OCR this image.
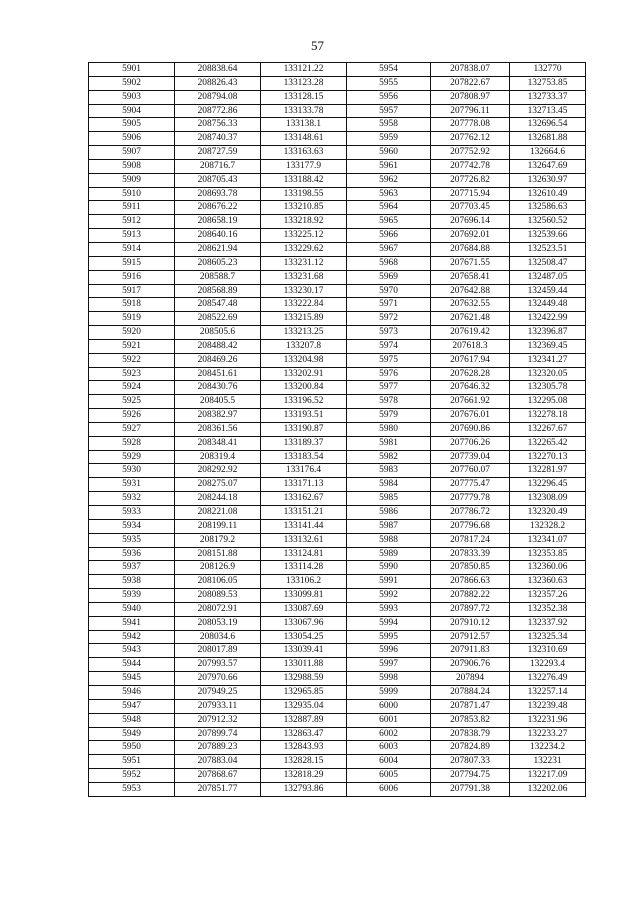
57
5901	208838.64	133121.22	5954	207838.07	132770
5902	208826.43	133123.28	5955	207822.67	132753.85
5903	208794.08	133128.15	5956	207808.97	132733.37
5904	208772.86	133133.78	5957	207796.11	132713.45
5905	208756.33	133138.1	5958	207778.08	132696.54
5906	208740.37	133148.61	5959	207762.12	132681.88
5907	208727.59	133163.63	5960	207752.92	132664.6
5908	208716.7	133177.9	5961	207742.78	132647.69
5909	208705.43	133188.42	5962	207726.82	132630.97
5910	208693.78	133198.55	5963	207715.94	132610.49
5911	208676.22	133210.85	5964	207703.45	132586.63
5912	208658.19	133218.92	5965	207696.14	132560.52
5913	208640.16	133225.12	5966	207692.01	132539.66
5914	208621.94	133229.62	5967	207684.88	132523.51
5915	208605.23	133231.12	5968	207671.55	132508.47
5916	208588.7	133231.68	5969	207658.41	132487.05
5917	208568.89	133230.17	5970	207642.88	132459.44
5918	208547.48	133222.84	5971	207632.55	132449.48
5919	208522.69	133215.89	5972	207621.48	132422.99
5920	208505.6	133213.25	5973	207619.42	132396.87
5921	208488.42	133207.8	5974	207618.3	132369.45
5922	208469.26	133204.98	5975	207617.94	132341.27
5923	208451.61	133202.91	5976	207628.28	132320.05
5924	208430.76	133200.84	5977	207646.32	132305.78
5925	208405.5	133196.52	5978	207661.92	132295.08
5926	208382.97	133193.51	5979	207676.01	132278.18
5927	208361.56	133190.87	5980	207690.86	132267.67
5928	208348.41	133189.37	5981	207706.26	132265.42
5929	208319.4	133183.54	5982	207739.04	132270.13
5930	208292.92	133176.4	5983	207760.07	132281.97
5931	208275.07	133171.13	5984	207775.47	132296.45
5932	208244.18	133162.67	5985	207779.78	132308.09
5933	208221.08	133151.21	5986	207786.72	132320.49
5934	208199.11	133141.44	5987	207796.68	132328.2
5935	208179.2	133132.61	5988	207817.24	132341.07
5936	208151.88	133124.81	5989	207833.39	132353.85
5937	208126.9	133114.28	5990	207850.85	132360.06
5938	208106.05	133106.2	5991	207866.63	132360.63
5939	208089.53	133099.81	5992	207882.22	132357.26
5940	208072.91	133087.69	5993	207897.72	132352.38
5941	208053.19	133067.96	5994	207910.12	132337.92
5942	208034.6	133054.25	5995	207912.57	132325.34
5943	208017.89	133039.41	5996	207911.83	132310.69
5944	207993.57	133011.88	5997	207906.76	132293.4
5945	207970.66	132988.59	5998	207894	132276.49
5946	207949.25	132965.85	5999	207884.24	132257.14
5947	207933.11	132935.04	6000	207871.47	132239.48
5948	207912.32	132887.89	6001	207853.82	132231.96
5949	207899.74	132863.47	6002	207838.79	132233.27
5950	207889.23	132843.93	6003	207824.89	132234.2
5951	207883.04	132828.15	6004	207807.33	132231
5952	207868.67	132818.29	6005	207794.75	132217.09
5953	207851.77	132793.86	6006	207791.38	132202.06
